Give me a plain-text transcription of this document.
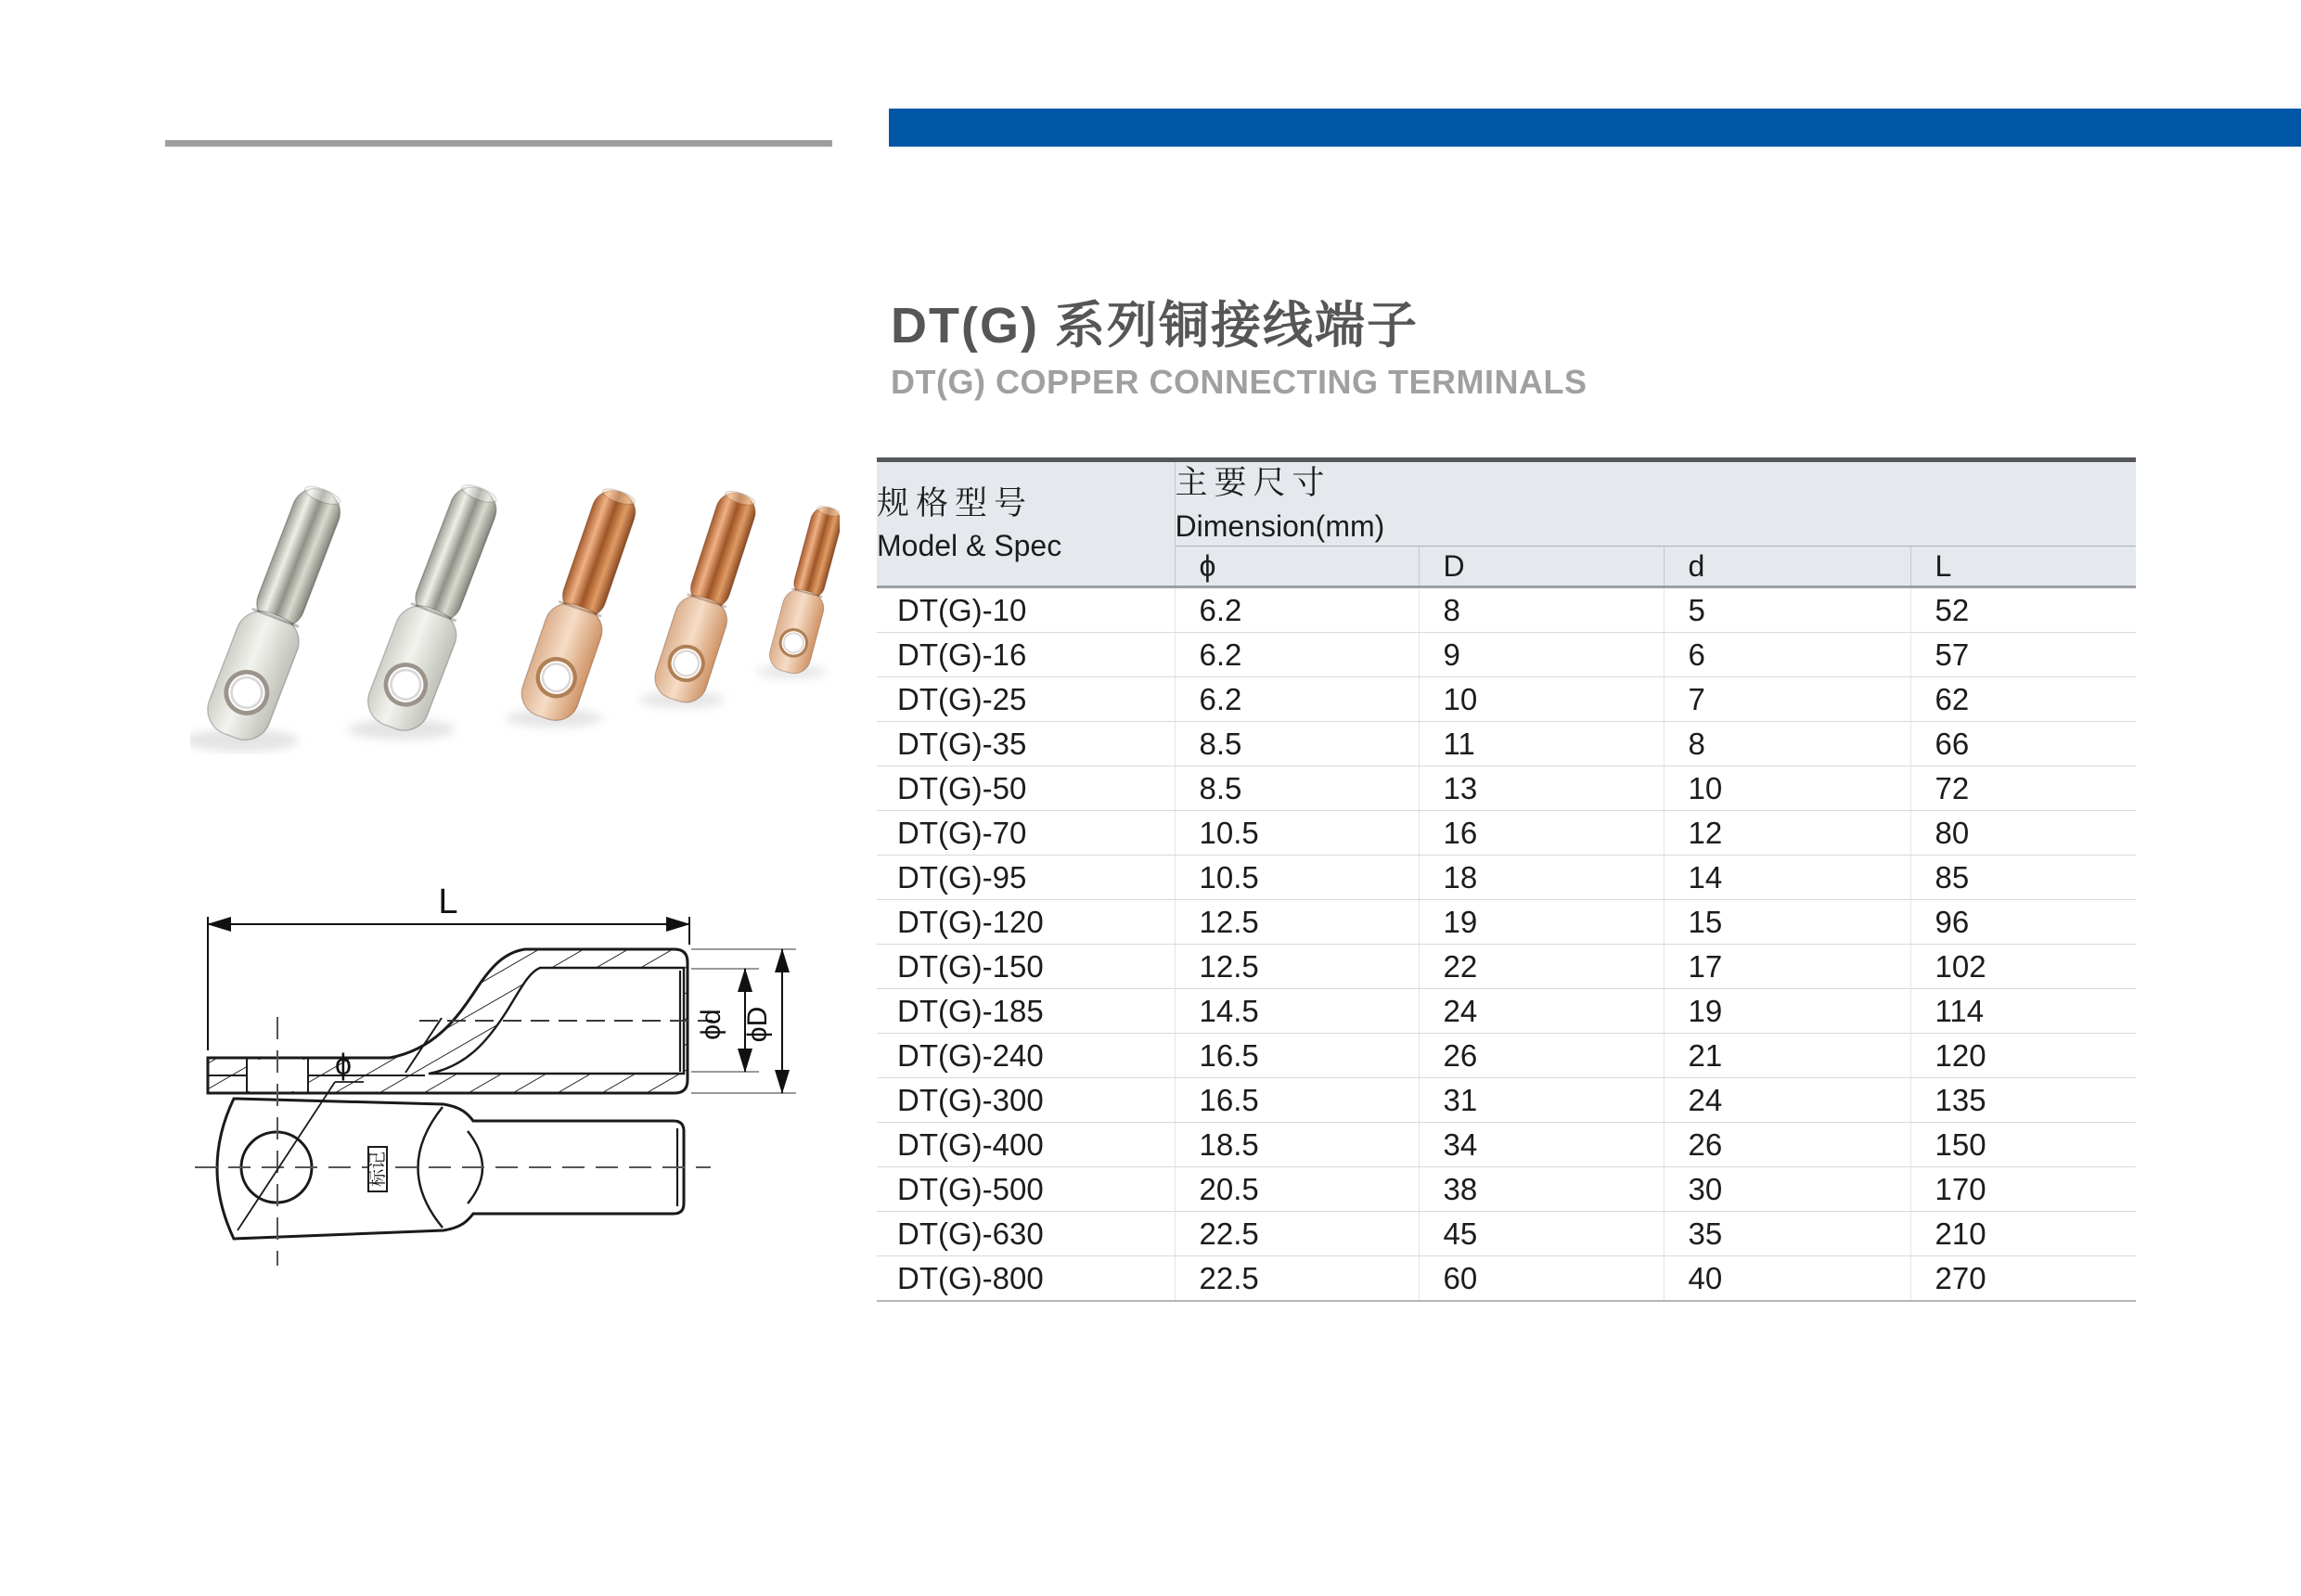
L
ϕd ϕD
标记
ϕ
DT(G) 系列铜接线端子
DT(G) COPPER CONNECTING TERMINALS
规格型号
Model & Spec

主要尺寸
Dimension(mm)

	ϕ	D	d	L
DT(G)-10	6.2	8	5	52
DT(G)-16	6.2	9	6	57
DT(G)-25	6.2	10	7	62
DT(G)-35	8.5	11	8	66
DT(G)-50	8.5	13	10	72
DT(G)-70	10.5	16	12	80
DT(G)-95	10.5	18	14	85
DT(G)-120	12.5	19	15	96
DT(G)-150	12.5	22	17	102
DT(G)-185	14.5	24	19	114
DT(G)-240	16.5	26	21	120
DT(G)-300	16.5	31	24	135
DT(G)-400	18.5	34	26	150
DT(G)-500	20.5	38	30	170
DT(G)-630	22.5	45	35	210
DT(G)-800	22.5	60	40	270
